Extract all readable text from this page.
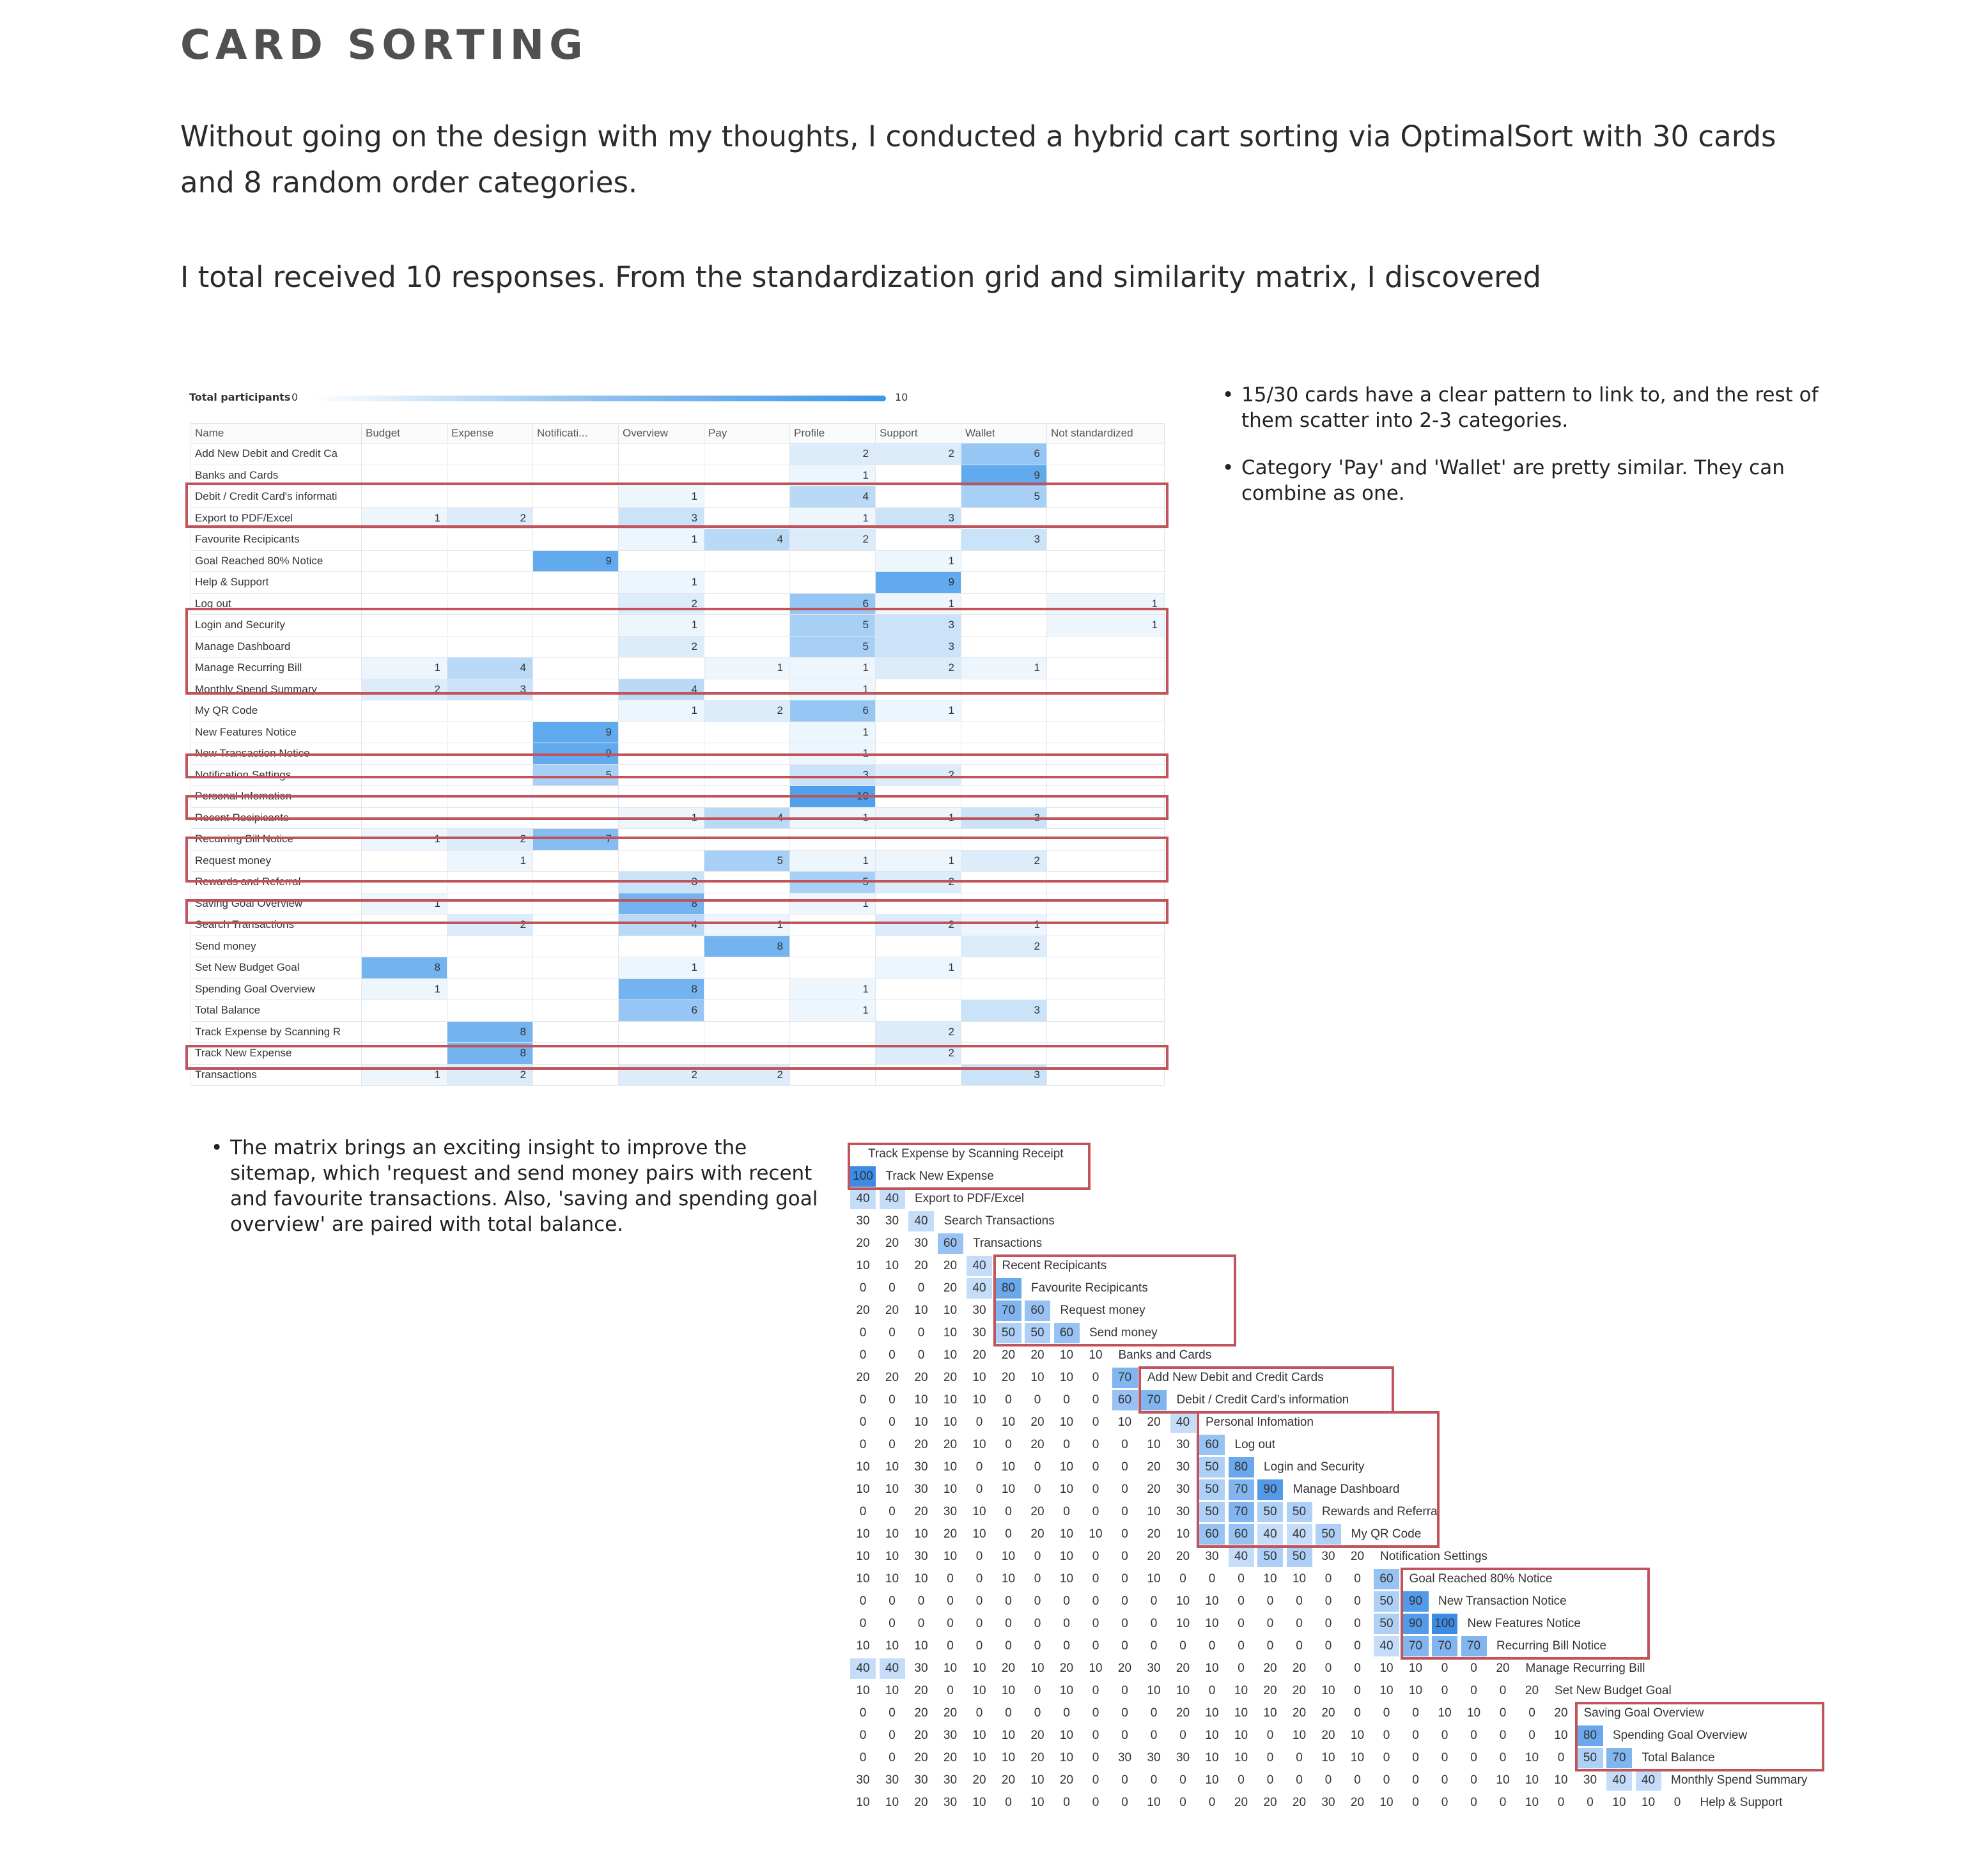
CARD SORTING

Without going on the design with my thoughts, I conducted a hybrid cart sorting via OptimalSort with 30 cards and 8 random order categories.

I total received 10 responses. From the standardization grid and similarity matrix, I discovered

Total participants 0	10
Name	Budget	Expense	Notificati...	Overview	Pay	Profile	Support	Wallet	Not standardized
Add New Debit and Credit Ca						2	2	6	
Banks and Cards						1		9	
Debit / Credit Card's informati				1		4		5	
Export to PDF/Excel	1	2		3		1	3		
Favourite Recipicants				1	4	2		3	
Goal Reached 80% Notice			9				1		
Help & Support				1			9		
Log out				2		6	1		1
Login and Security				1		5	3		1
Manage Dashboard				2		5	3		
Manage Recurring Bill	1	4			1	1	2	1	
Monthly Spend Summary	2	3		4		1			
My QR Code				1	2	6	1		
New Features Notice			9			1			
New Transaction Notice			9			1			
Notification Settings			5			3	2		
Personal Infomation						10			
Recent Recipicants				1	4	1	1	3	
Recurring Bill Notice	1	2	7						
Request money		1			5	1	1	2	
Rewards and Referral				3		5	2		
Saving Goal Overview	1			8		1			
Search Transactions		2		4	1		2	1	
Send money					8			2	
Set New Budget Goal	8			1			1		
Spending Goal Overview	1			8		1			
Total Balance				6		1		3	
Track Expense by Scanning R		8					2		
Track New Expense		8					2		
Transactions	1	2		2	2			3	
• 15/30 cards have a clear pattern to link to, and the rest of them scatter into 2-3 categories.
• Category 'Pay' and 'Wallet' are pretty similar. They can combine as one.
• The matrix brings an exciting insight to improve the sitemap, which 'request and send money pairs with recent and favourite transactions. Also, 'saving and spending goal overview' are paired with total balance.
Track Expense by Scanning Receipt
100 Track New Expense
40	40	Export to PDF/Excel
30	30	40	Search Transactions
20	20	30	60	Transactions
10	10	20	20	40	Recent Recipicants
0	0	0	20	40	80	Favourite Recipicants
20	20	10	10	30	70	60	Request money
0	0	0	10	30	50	50	60	Send money
0	0	0	10	20	20	20	10	10	Banks and Cards
20	20	20	20	10	20	10	10	0	70	Add New Debit and Credit Cards
0	0	10	10	10	0	0	0	0	60	70	Debit / Credit Card's information
0	0	10	10	0	10	20	10	0	10	20	40	Personal Infomation
0	0	20	20	10	0	20	0	0	0	10	30	60	Log out
10	10	30	10	0	10	0	10	0	0	20	30	50	80	Login and Security
10	10	30	10	0	10	0	10	0	0	20	30	50	70	90	Manage Dashboard
0	0	20	30	10	0	20	0	0	0	10	30	50	70	50	50	Rewards and Referral
10	10	10	20	10	0	20	10	10	0	20	10	60	60	40	40	50	My QR Code
10	10	30	10	0	10	0	10	0	0	20	20	30	40	50	50	30	20	Notification Settings
10	10	10	0	0	10	0	10	0	0	10	0	0	0	10	10	0	0	60	Goal Reached 80% Notice
0	0	0	0	0	0	0	0	0	0	0	10	10	0	0	0	0	0	50	90	New Transaction Notice
0	0	0	0	0	0	0	0	0	0	0	10	10	0	0	0	0	0	50	90	100 New Features Notice
10	10	10	0	0	0	0	0	0	0	0	0	0	0	0	0	0	0	40	70	70	70	Recurring Bill Notice
40	40	30	10	10	20	10	20	10	20	30	20	10	0	20	20	0	0	10	10	0	0	20	Manage Recurring Bill
10	10	20	0	10	10	0	10	0	0	10	10	0	10	20	20	10	0	10	10	0	0	0	20	Set New Budget Goal
0	0	20	20	0	0	0	0	0	0	0	20	10	10	10	20	20	0	0	0	10	10	0	0	20	Saving Goal Overview
0	0	20	30	10	10	20	10	0	0	0	0	10	10	0	10	20	10	0	0	0	0	0	0	10	80	Spending Goal Overview
0	0	20	20	10	10	20	10	0	30	30	30	10	10	0	0	10	10	0	0	0	0	0	10	0	50	70	Total Balance
30	30	30	30	20	20	10	20	0	0	0	0	10	0	0	0	0	0	0	0	0	0	10	10	10	30	40	40	Monthly Spend Summary
10	10	20	30	10	0	10	0	0	0	10	0	0	20	20	20	30	20	10	0	0	0	0	10	0	0	10	10	0	Help & Support
